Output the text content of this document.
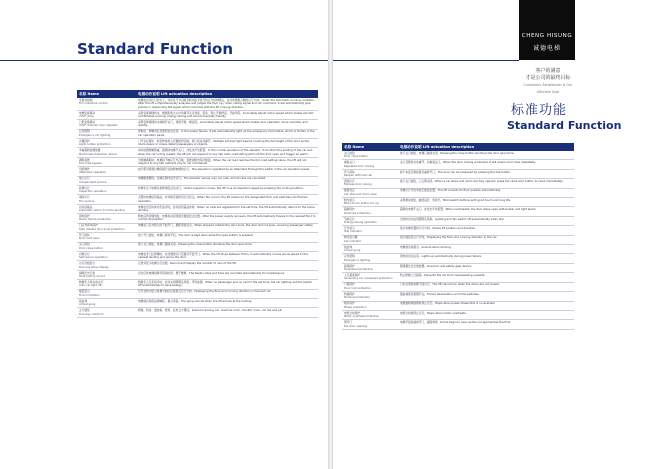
Standard Function
名称 Name	电梯动作说明 Lift actuation description

全集选控制
Full collective control	电梯在自动运行状态下，对所有厅外召唤及轿内指令进行综合分析判断后，自动选择最合理的运行方向。Under the automatic running condition, after the lift comprehensively analyses and judges the floor up / down calling signal and car command, it will automatically give priority in responding the signal which coincides with the lift running direction.

电梯变频驱动
VVVF drive	采用变频调速技术，根据负载大小自动调节运行速度，起动、停止平稳舒适，节能环保。Accurately adjust motor speed which makes smooth comfortable running, energy saving and environmentally friendly.

门机变频驱动
VVVF drive for door operator	采用变频调速技术控制开关门，速度平稳、噪音低。Accurately adjust motor speed which makes door operation move smoothly and quietly.

应急照明
Emergency car lighting	停电时，轿厢内应急照明自动点亮。In the power failure, it will automatically light up the emergency illumination which is hidden in the car operation panel.

光幕保护
Light curtain protection	门开关过程中，如有物体进入光幕保护区域，轿门将自动重开。Multiple infrared light beams covering the full height of the door as the doors opens or closes detect passengers or objects.

多重超载检测装置
Multi-loads detection device	实时检测轿厢载重，超载时电梯不关门，并发出声光报警。In the normal operation of the elevator, it monitors the loading of the car and when the car is fully loaded, the lift will not respond to any hall calls; overloading will hold the door open and trigger an alarm.

满载直驶
Full- load bypass	当轿厢满载时，电梯将不响应厅外召唤，直驶到轿内指令楼层。When the car load reaches the full- load setting value, the lift will not respond to any hall calls but only to car commands.

司机操作
Attendant operation	由专职司机通过操纵箱开关控制电梯的运行。The elevator is operated by an attendant through the switch in the car operation panel.

独立运行
Independent service	电梯脱离群控，仅响应轿内指令运行。The elevator serves only car calls, all hall calls are cancelled.

检修运行
Inspection operation	检修状态下电梯以检修速度点动运行。Under inspection mode, the lift runs at inspection speed by pressing the inching buttons.

消防运行
Fire service	火警时电梯返回基站，并切换至消防员运行状态。When fire occurs, the lift returns to the designated floor and switches into firemen operation.

自动返基站
Automatic return to home landing	电梯在设定时间内无指令时，自动返回基站待命。When no calls are registered for the set time, the lift automatically returns to the home landing.

停电保护
Power failure protection	断电后再次通电时，电梯自动返回最近楼层校正位置。After the power supply recovers, the lift automatically travels to the nearest floor to correct its position.

门区外停车保护
Stop outside door zone protection	电梯在门区外停止时不能开门，确保乘客安全。When stopped outside the door zone, the door will not open, ensuring passenger safety.

开门保持
Door hold open	按下开门按钮，电梯门保持开启。The door is kept open while the open button is pressed.

关门按钮
Door close button	按下关门按钮，电梯门提前关闭。Pressing the close button shortens the door open time.

自救运行
Self-rescue operation	电梯在非门区停梯时，自动慢速运行至最近平层开门。When the lift stops between floors, it automatically moves at low speed to the nearest landing and opens the door.

运行次数显示
Running times display	记录并显示电梯运行次数。Record and display the number of runs of the lift.

故障历史记录
Fault history record	自动记录电梯故障代码和时间，便于维修。The faults codes and time are recorded automatically for maintenance.

轿厢无人时自动关灯
Auto car light off	轿厢无人且无指令时，自动关闭照明及风扇，节约能源。When no passenger and no call for the set time, the car lighting and fan switch off automatically to save energy.

楼层显示
Floor indication	厅外及轿内显示电梯当前所在楼层及运行方向。Displaying the floor and running direction in hall and car.

报站钟
Arrival gong	电梯到达时报站钟响起，提示乘客。The gong sounds when the lift arrives at the landing.

五方通话
Five-way intercom	轿厢、机房、监控室、轿顶、底坑五方通话。Intercom among car, machine room, monitor room, car top and pit.
CHENG HISUNG
诚德电梯
客户的满意
才是公司的最终目标
Customers Satisfaction Is Our Ultimate Goal
标准功能
Standard Function
名称 Name	电梯动作说明 Lift actuation description

关门按钮
Door close button	按下关门按钮，电梯门提前关闭。Pressing the close button shortens the door open time.

重复关门
Repeated door closing	关门受阻时自动重开，并重复关门。When the door closing is blocked, it will reopen and close repeatedly.

开门保持
Reopen with hall call	按下本层召唤按钮可重新开门。The door can be reopened by pressing the hall button.

直驶运行
Express door closing	按下关门按钮，门立即关闭。When a car stops and doors are fully opened, press the close door button to close immediately.

楼层校正
Car stop and doors open	电梯运行中自动校正楼层位置。The lift corrects its floor position automatically.

轿内显示
Micro-touch button for car	采用微动按钮，触感良好，寿命长。Microswitch buttons with good touch and long life.

超载保护
Overload protection	超载时电梯不关门，并发出声光报警。When overloaded, the door stays open with buzzer and light alarm.

节能运行
Energy-saving operation	空闲时自动关闭照明及风扇。Lighting and fan switch off automatically when idle.

厅外显示
Hall indicator	显示电梯位置和运行方向。Shows lift position and direction.

轿内显示器
Car indicator	显示楼层及运行方向。Displaying the floor and running direction in the car.

到站钟
Arrival gong	电梯到达时提示。Sounds when arriving.

应急照明
Emergency lighting	停电时自动点亮。Lights up automatically during power failure.

超速保护
Overspeed protection	限速器及安全钳装置。Governor and safety gear device.

上行超速保护
Ascending car overspeed protection	防止轿厢上行超速。Prevents the car from overspeeding upwards.

门锁保护
Door lock protection	门未关闭时电梯不能运行。The lift cannot run when the doors are not closed.

终端保护
Terminal protection	强迫减速及极限开关。Forced deceleration and limit switches.

相序保护
Phase protection	电源缺相或错相时停止运行。Stops when power phase fails or is reversed.

电机过热保护
Motor overheat protection	电机过热时停止运行。Stops when motor overheats.

预开门
Pre-door opening	电梯平层时提前开门，提高效率。Doors begin to open as the car approaches the floor.
